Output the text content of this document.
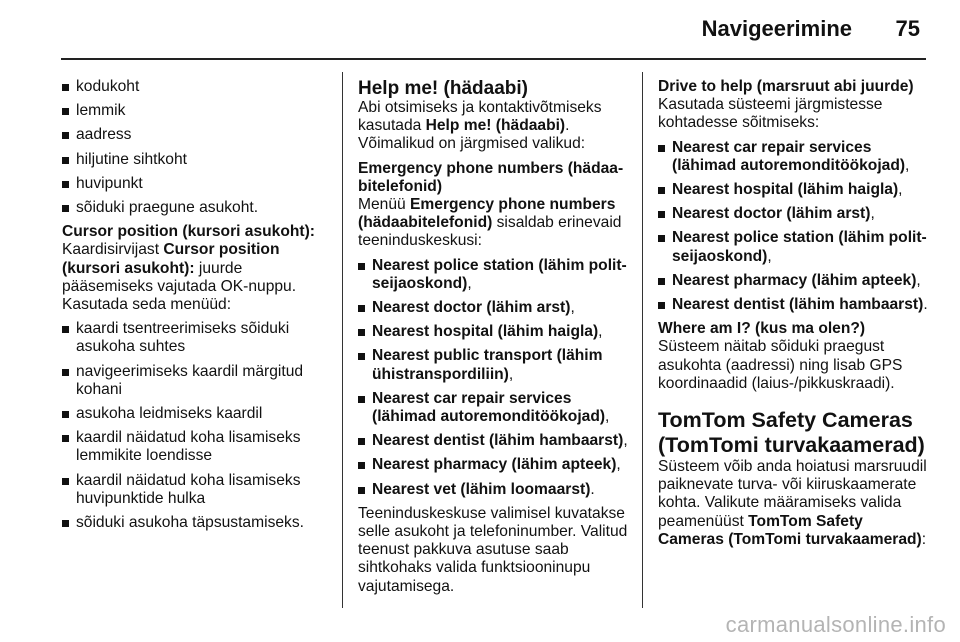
Navigeerimine 75
kodukoht
lemmik
aadress
hiljutine sihtkoht
huvipunkt
sõiduki praegune asukoht.

Cursor position (kursori asukoht):

Kaardisirvijast Cursor position (kursori asukoht): juurde pääsemiseks vajutada OK-nuppu. Kasutada seda menüüd:

kaardi tsentreerimiseks sõiduki asukoha suhtes
navigeerimiseks kaardil märgitud kohani
asukoha leidmiseks kaardil
kaardil näidatud koha lisamiseks lemmikite loendisse
kaardil näidatud koha lisamiseks huvipunktide hulka
sõiduki asukoha täpsustamiseks.

Help me! (hädaabi)

Abi otsimiseks ja kontaktivõtmiseks kasutada Help me! (hädaabi).

Võimalikud on järgmised valikud:

Emergency phone numbers (hädaabitelefonid)

Menüü Emergency phone numbers (hädaabitelefonid) sisaldab erinevaid teeninduskeskusi:

Nearest police station (lähim politseijaoskond),
Nearest doctor (lähim arst),
Nearest hospital (lähim haigla),
Nearest public transport (lähim ühistranspordiliin),
Nearest car repair services (lähimad autoremonditöökojad),
Nearest dentist (lähim hambaarst),
Nearest pharmacy (lähim apteek),
Nearest vet (lähim loomaarst).

Teeninduskeskuse valimisel kuvatakse selle asukoht ja telefoninumber. Valitud teenust pakkuva asutuse saab sihtkohaks valida funktsiooninupu vajutamisega.

Drive to help (marsruut abi juurde)

Kasutada süsteemi järgmistesse kohtadesse sõitmiseks:

Nearest car repair services (lähimad autoremonditöökojad),
Nearest hospital (lähim haigla),
Nearest doctor (lähim arst),
Nearest police station (lähim politseijaoskond),
Nearest pharmacy (lähim apteek),
Nearest dentist (lähim hambaarst).

Where am I? (kus ma olen?)

Süsteem näitab sõiduki praegust asukohta (aadressi) ning lisab GPS koordinaadid (laius-/pikkuskraadi).

TomTom Safety Cameras (TomTomi turvakaamerad)

Süsteem võib anda hoiatusi marsruudil paiknevate turva- või kiiruskaamerate kohta. Valikute määramiseks valida peamenüüst TomTom Safety Cameras (TomTomi turvakaamerad):

carmanualsonline.info
